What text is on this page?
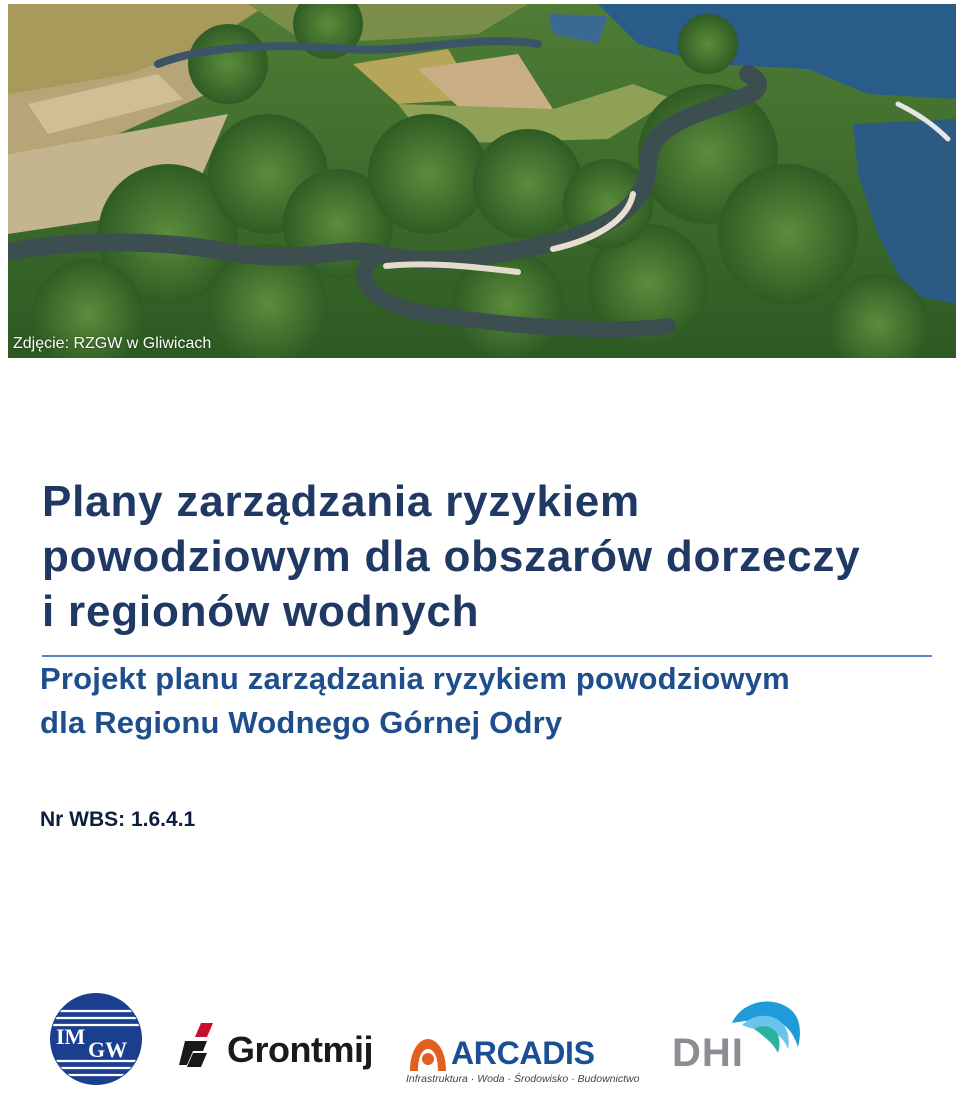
Zdjęcie: RZGW w Gliwicach
Plany zarządzania ryzykiem
powodziowym dla obszarów dorzeczy
i regionów wodnych
Projekt planu zarządzania ryzykiem powodziowym
dla Regionu Wodnego Górnej Odry
Nr WBS: 1.6.4.1
IM
GW	Grontmij ARCADIS
Infrastruktura · Woda · Środowisko · Budownictwo
DHI
